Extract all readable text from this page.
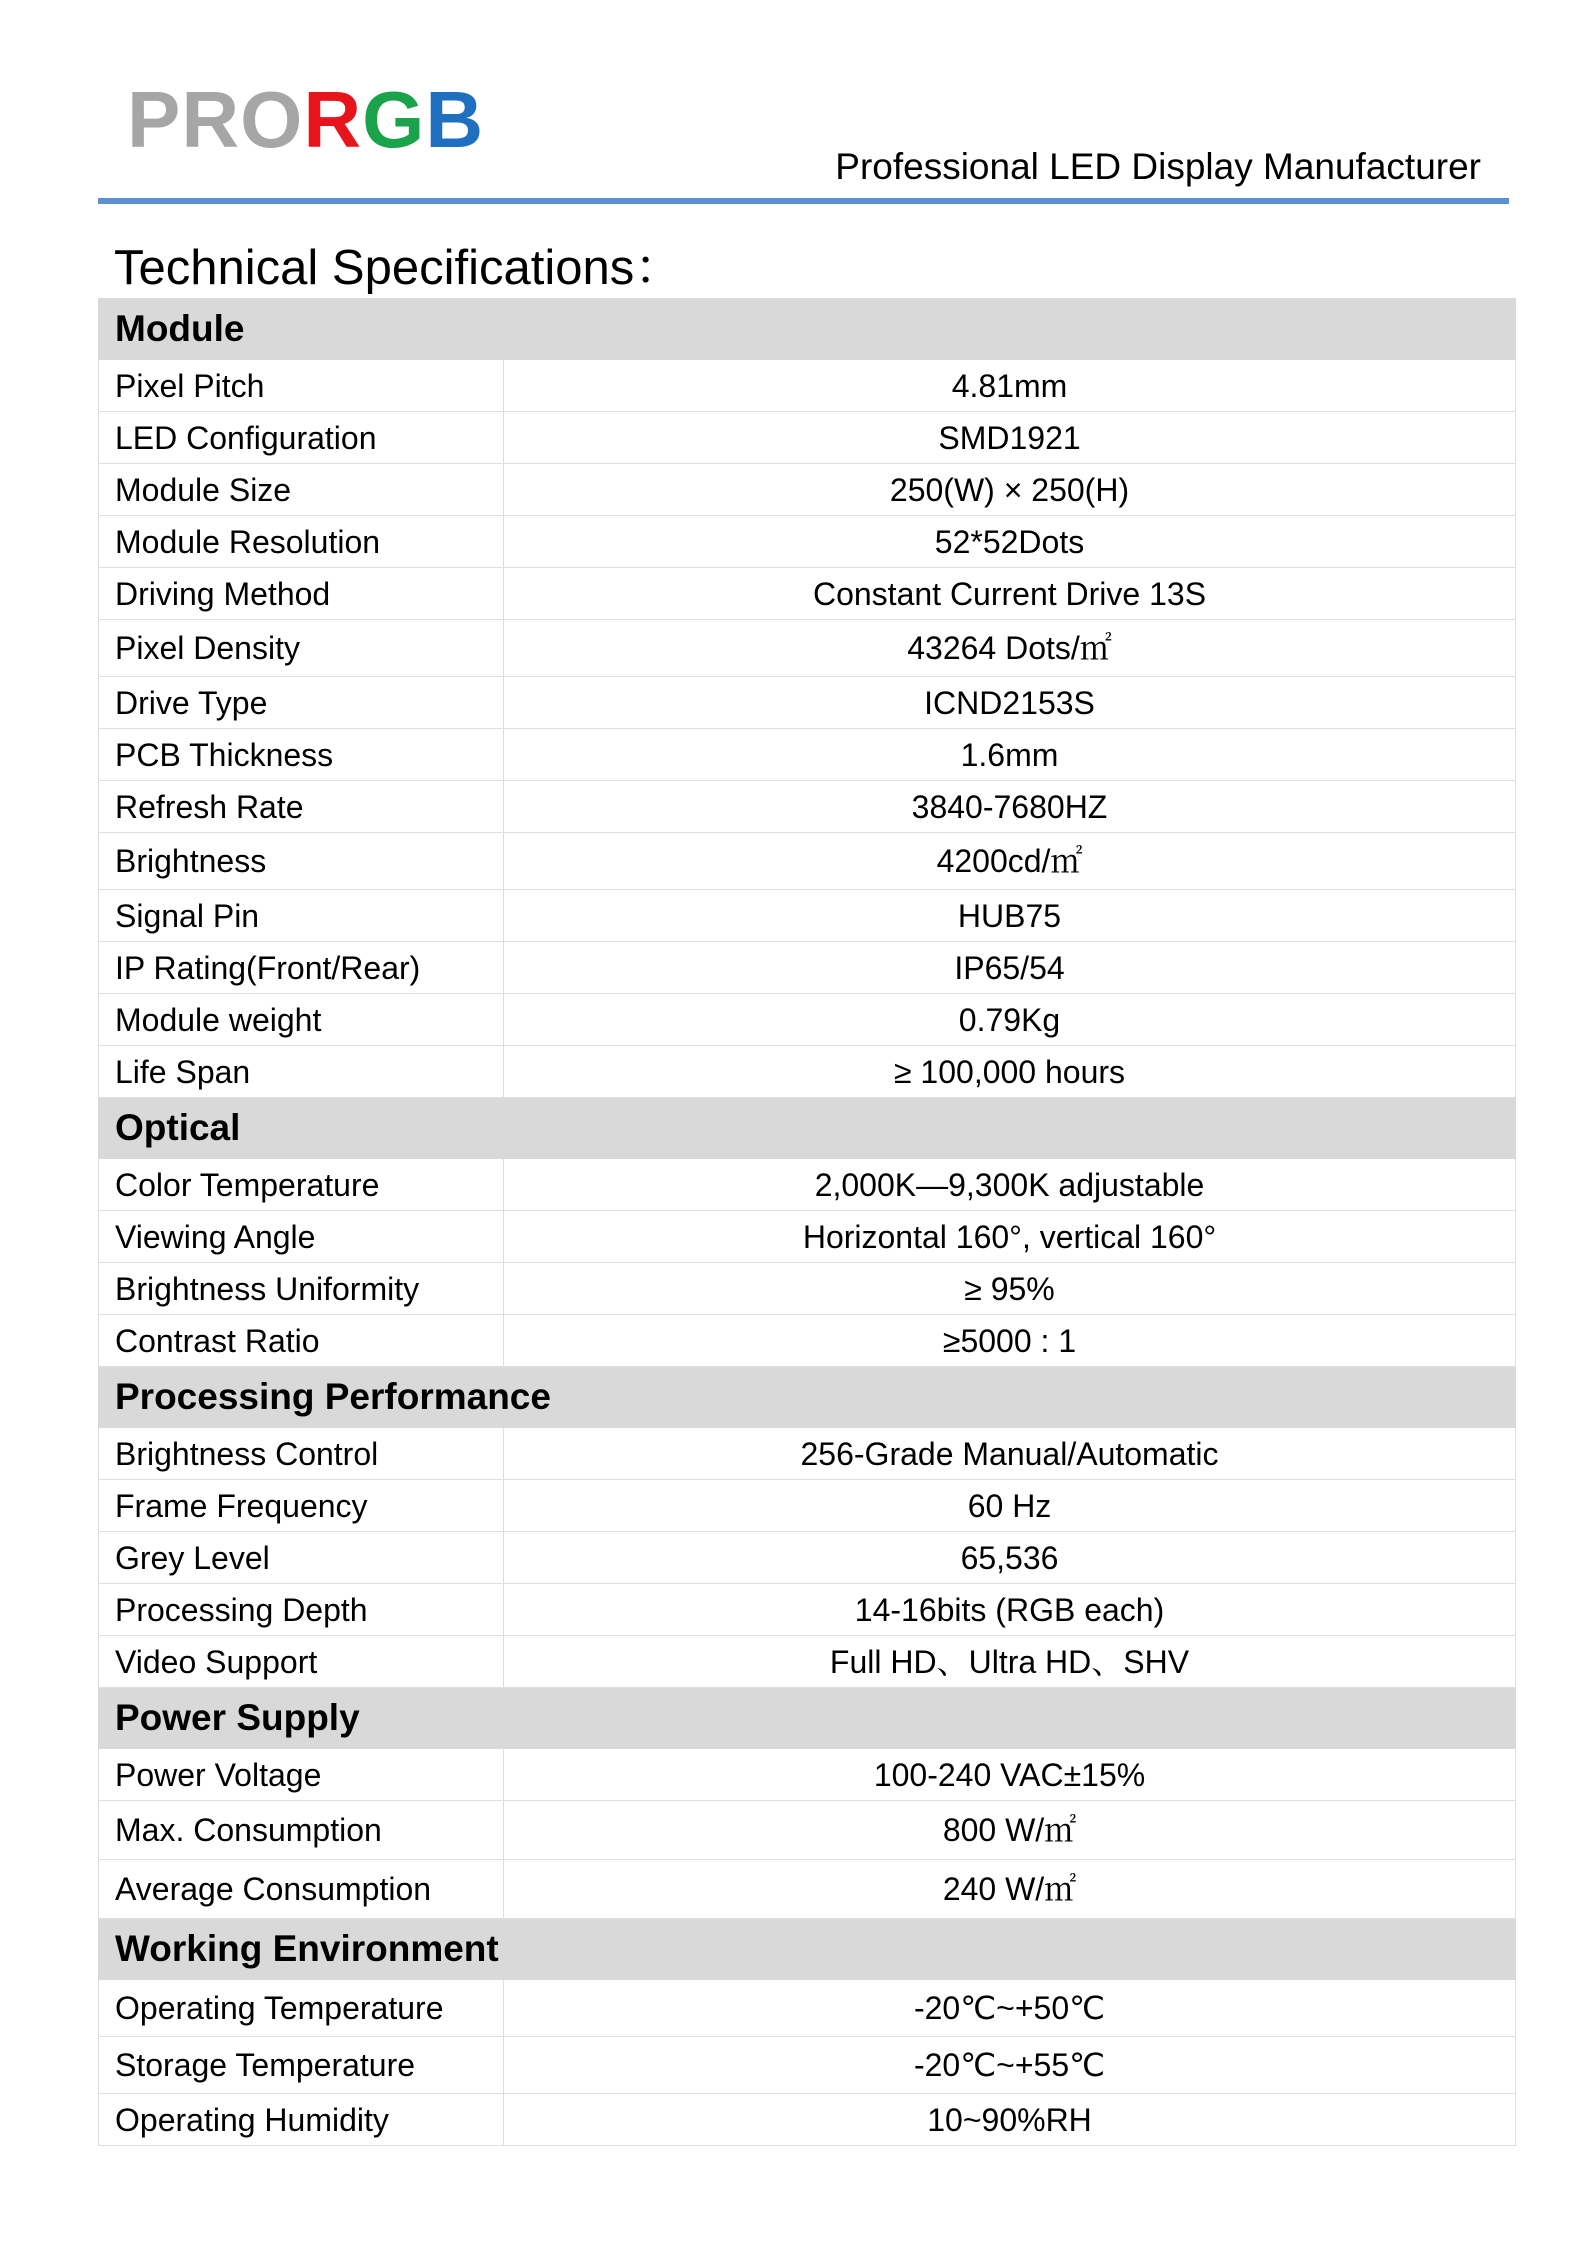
PRORGB
Professional LED Display Manufacturer
Technical Specifications：
Module	
Pixel Pitch	4.81mm
LED Configuration	SMD1921
Module Size	250(W) × 250(H)
Module Resolution	52*52Dots
Driving Method	Constant Current Drive 13S
Pixel Density	43264 Dots/㎡
Drive Type	ICND2153S
PCB Thickness	1.6mm
Refresh Rate	3840-7680HZ
Brightness	4200cd/㎡
Signal Pin	HUB75
IP Rating(Front/Rear)	IP65/54
Module weight	0.79Kg
Life Span	≥ 100,000 hours
Optical	
Color Temperature	2,000K—9,300K adjustable
Viewing Angle	Horizontal 160°, vertical 160°
Brightness Uniformity	≥ 95%
Contrast Ratio	≥5000 : 1
Processing Performance	
Brightness Control	256-Grade Manual/Automatic
Frame Frequency	60 Hz
Grey Level	65,536
Processing Depth	14-16bits (RGB each)
Video Support	Full HD、Ultra HD、SHV
Power Supply	
Power Voltage	100-240 VAC±15%
Max. Consumption	800 W/㎡
Average Consumption	240 W/㎡
Working Environment	
Operating Temperature	-20℃~+50℃
Storage Temperature	-20℃~+55℃
Operating Humidity	10~90%RH
